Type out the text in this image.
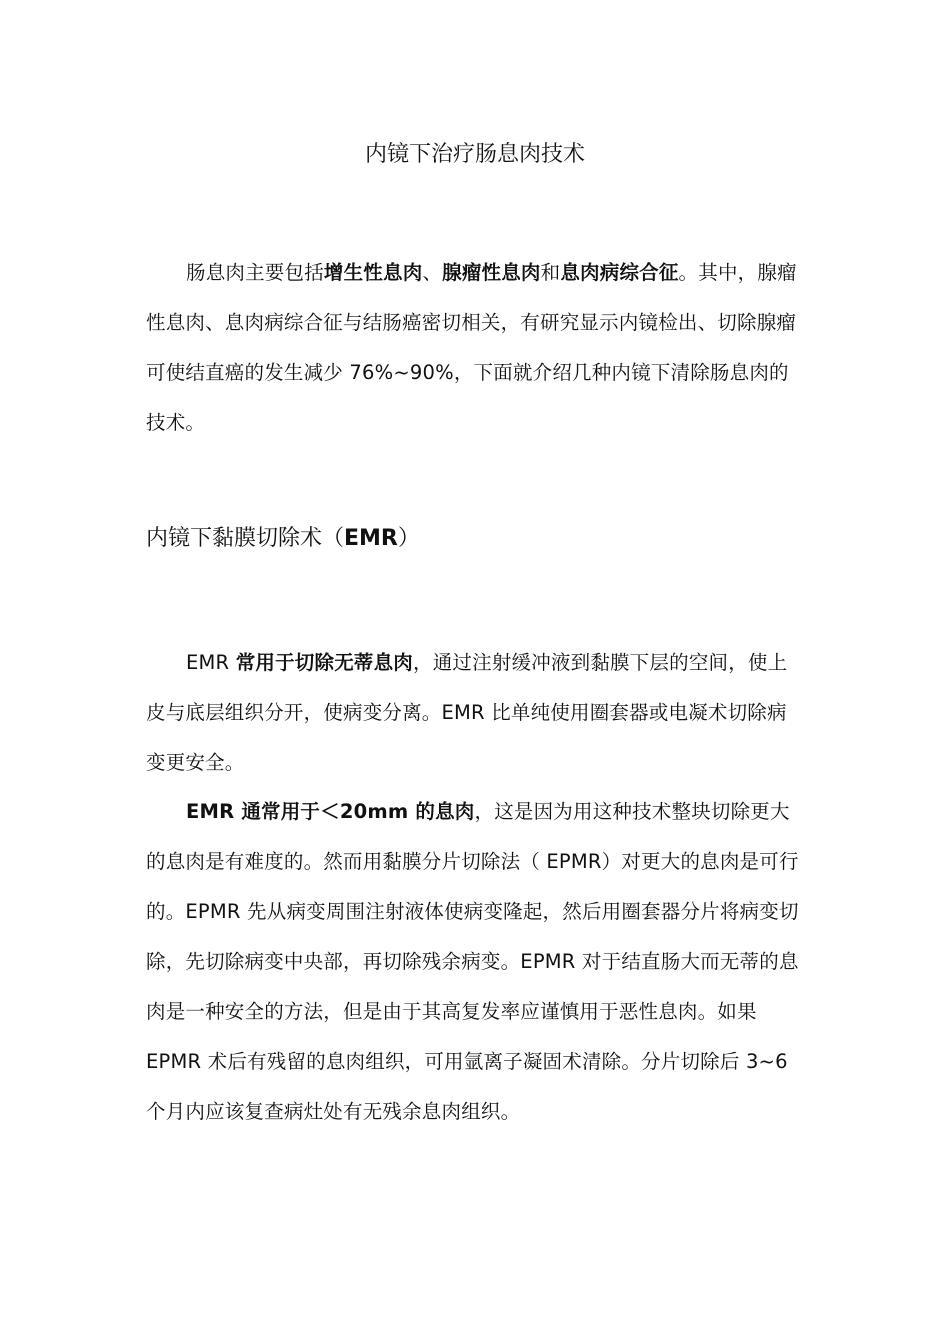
内镜下治疗肠息肉技术

肠息肉主要包括增生性息肉、腺瘤性息肉和息肉病综合征。其中，腺瘤性息肉、息肉病综合征与结肠癌密切相关，有研究显示内镜检出、切除腺瘤可使结直癌的发生减少 76%~90%，下面就介绍几种内镜下清除肠息肉的技术。

内镜下黏膜切除术（EMR）

EMR 常用于切除无蒂息肉，通过注射缓冲液到黏膜下层的空间，使上皮与底层组织分开，使病变分离。EMR 比单纯使用圈套器或电凝术切除病变更安全。

EMR 通常用于＜20mm 的息肉，这是因为用这种技术整块切除更大的息肉是有难度的。然而用黏膜分片切除法（ EPMR）对更大的息肉是可行的。EPMR 先从病变周围注射液体使病变隆起，然后用圈套器分片将病变切除，先切除病变中央部，再切除残余病变。EPMR 对于结直肠大而无蒂的息肉是一种安全的方法，但是由于其高复发率应谨慎用于恶性息肉。如果 EPMR 术后有残留的息肉组织，可用氩离子凝固术清除。分片切除后 3~6 个月内应该复查病灶处有无残余息肉组织。
